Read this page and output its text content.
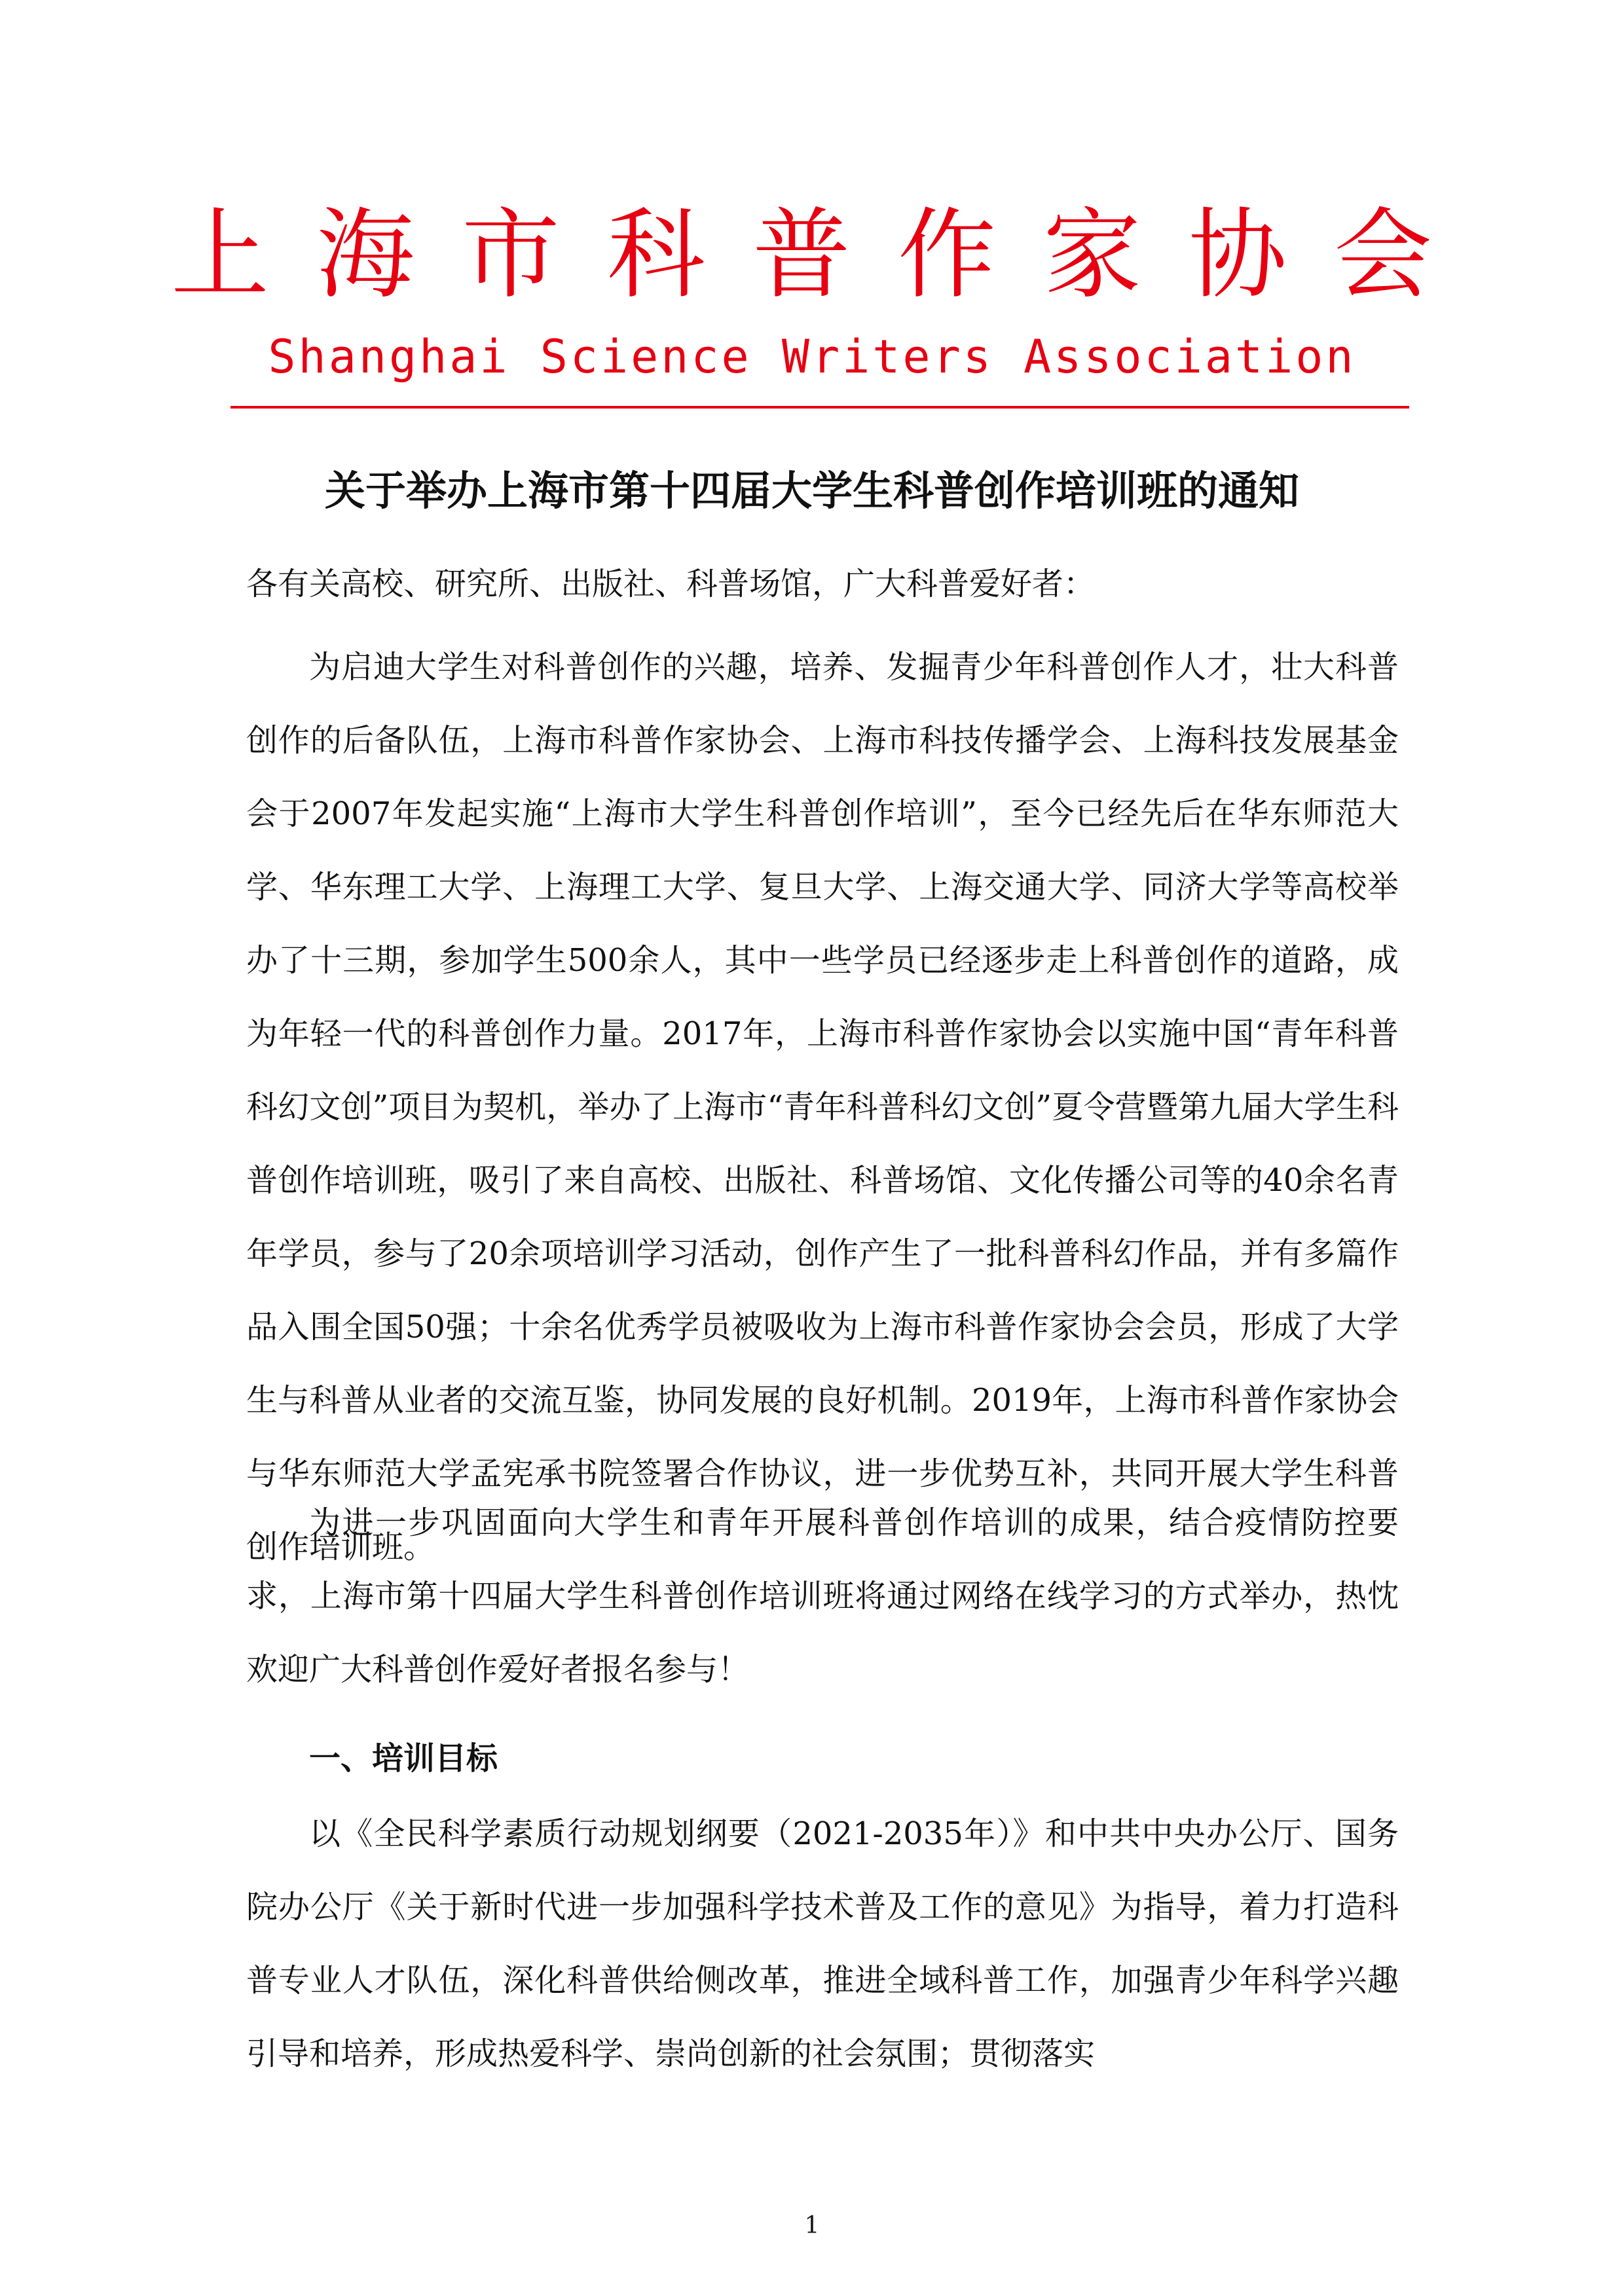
上海市科普作家协会
Shanghai Science Writers Association
关于举办上海市第十四届大学生科普创作培训班的通知
各有关高校、研究所、出版社、科普场馆，广大科普爱好者：
为启迪大学生对科普创作的兴趣，培养、发掘青少年科普创作人才，壮大科普创作的后备队伍，上海市科普作家协会、上海市科技传播学会、上海科技发展基金会于2007年发起实施“上海市大学生科普创作培训”，至今已经先后在华东师范大学、华东理工大学、上海理工大学、复旦大学、上海交通大学、同济大学等高校举办了十三期，参加学生500余人，其中一些学员已经逐步走上科普创作的道路，成为年轻一代的科普创作力量。2017年，上海市科普作家协会以实施中国“青年科普科幻文创”项目为契机，举办了上海市“青年科普科幻文创”夏令营暨第九届大学生科普创作培训班，吸引了来自高校、出版社、科普场馆、文化传播公司等的40余名青年学员，参与了20余项培训学习活动，创作产生了一批科普科幻作品，并有多篇作品入围全国50强；十余名优秀学员被吸收为上海市科普作家协会会员，形成了大学生与科普从业者的交流互鉴，协同发展的良好机制。2019年，上海市科普作家协会与华东师范大学孟宪承书院签署合作协议，进一步优势互补，共同开展大学生科普创作培训班。
为进一步巩固面向大学生和青年开展科普创作培训的成果，结合疫情防控要求，上海市第十四届大学生科普创作培训班将通过网络在线学习的方式举办，热忱欢迎广大科普创作爱好者报名参与！
一、培训目标
以《全民科学素质行动规划纲要（2021-2035年）》和中共中央办公厅、国务院办公厅《关于新时代进一步加强科学技术普及工作的意见》为指导，着力打造科普专业人才队伍，深化科普供给侧改革，推进全域科普工作，加强青少年科学兴趣引导和培养，形成热爱科学、崇尚创新的社会氛围；贯彻落实
1
